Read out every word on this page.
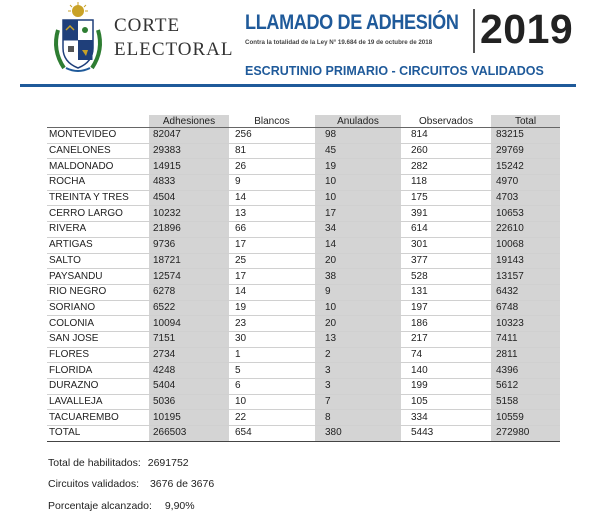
CORTE
ELECTORAL
LLAMADO DE ADHESIÓN
Contra la totalidad de la Ley N° 19.684 de 19 de octubre de 2018 2019
ESCRUTINIO PRIMARIO - CIRCUITOS VALIDADOS
	Adhesiones	Blancos	Anulados	Observados	Total
MONTEVIDEO	82047	256	98	814	83215
CANELONES	29383	81	45	260	29769
MALDONADO	14915	26	19	282	15242
ROCHA	4833	9	10	118	4970
TREINTA Y TRES	4504	14	10	175	4703
CERRO LARGO	10232	13	17	391	10653
RIVERA	21896	66	34	614	22610
ARTIGAS	9736	17	14	301	10068
SALTO	18721	25	20	377	19143
PAYSANDU	12574	17	38	528	13157
RIO NEGRO	6278	14	9	131	6432
SORIANO	6522	19	10	197	6748
COLONIA	10094	23	20	186	10323
SAN JOSE	7151	30	13	217	7411
FLORES	2734	1	2	74	2811
FLORIDA	4248	5	3	140	4396
DURAZNO	5404	6	3	199	5612
LAVALLEJA	5036	10	7	105	5158
TACUAREMBO	10195	22	8	334	10559
TOTAL	266503	654	380	5443	272980
Total de habilitados: 2691752
Circuitos validados: 3676 de 3676
Porcentaje alcanzado: 9,90%
